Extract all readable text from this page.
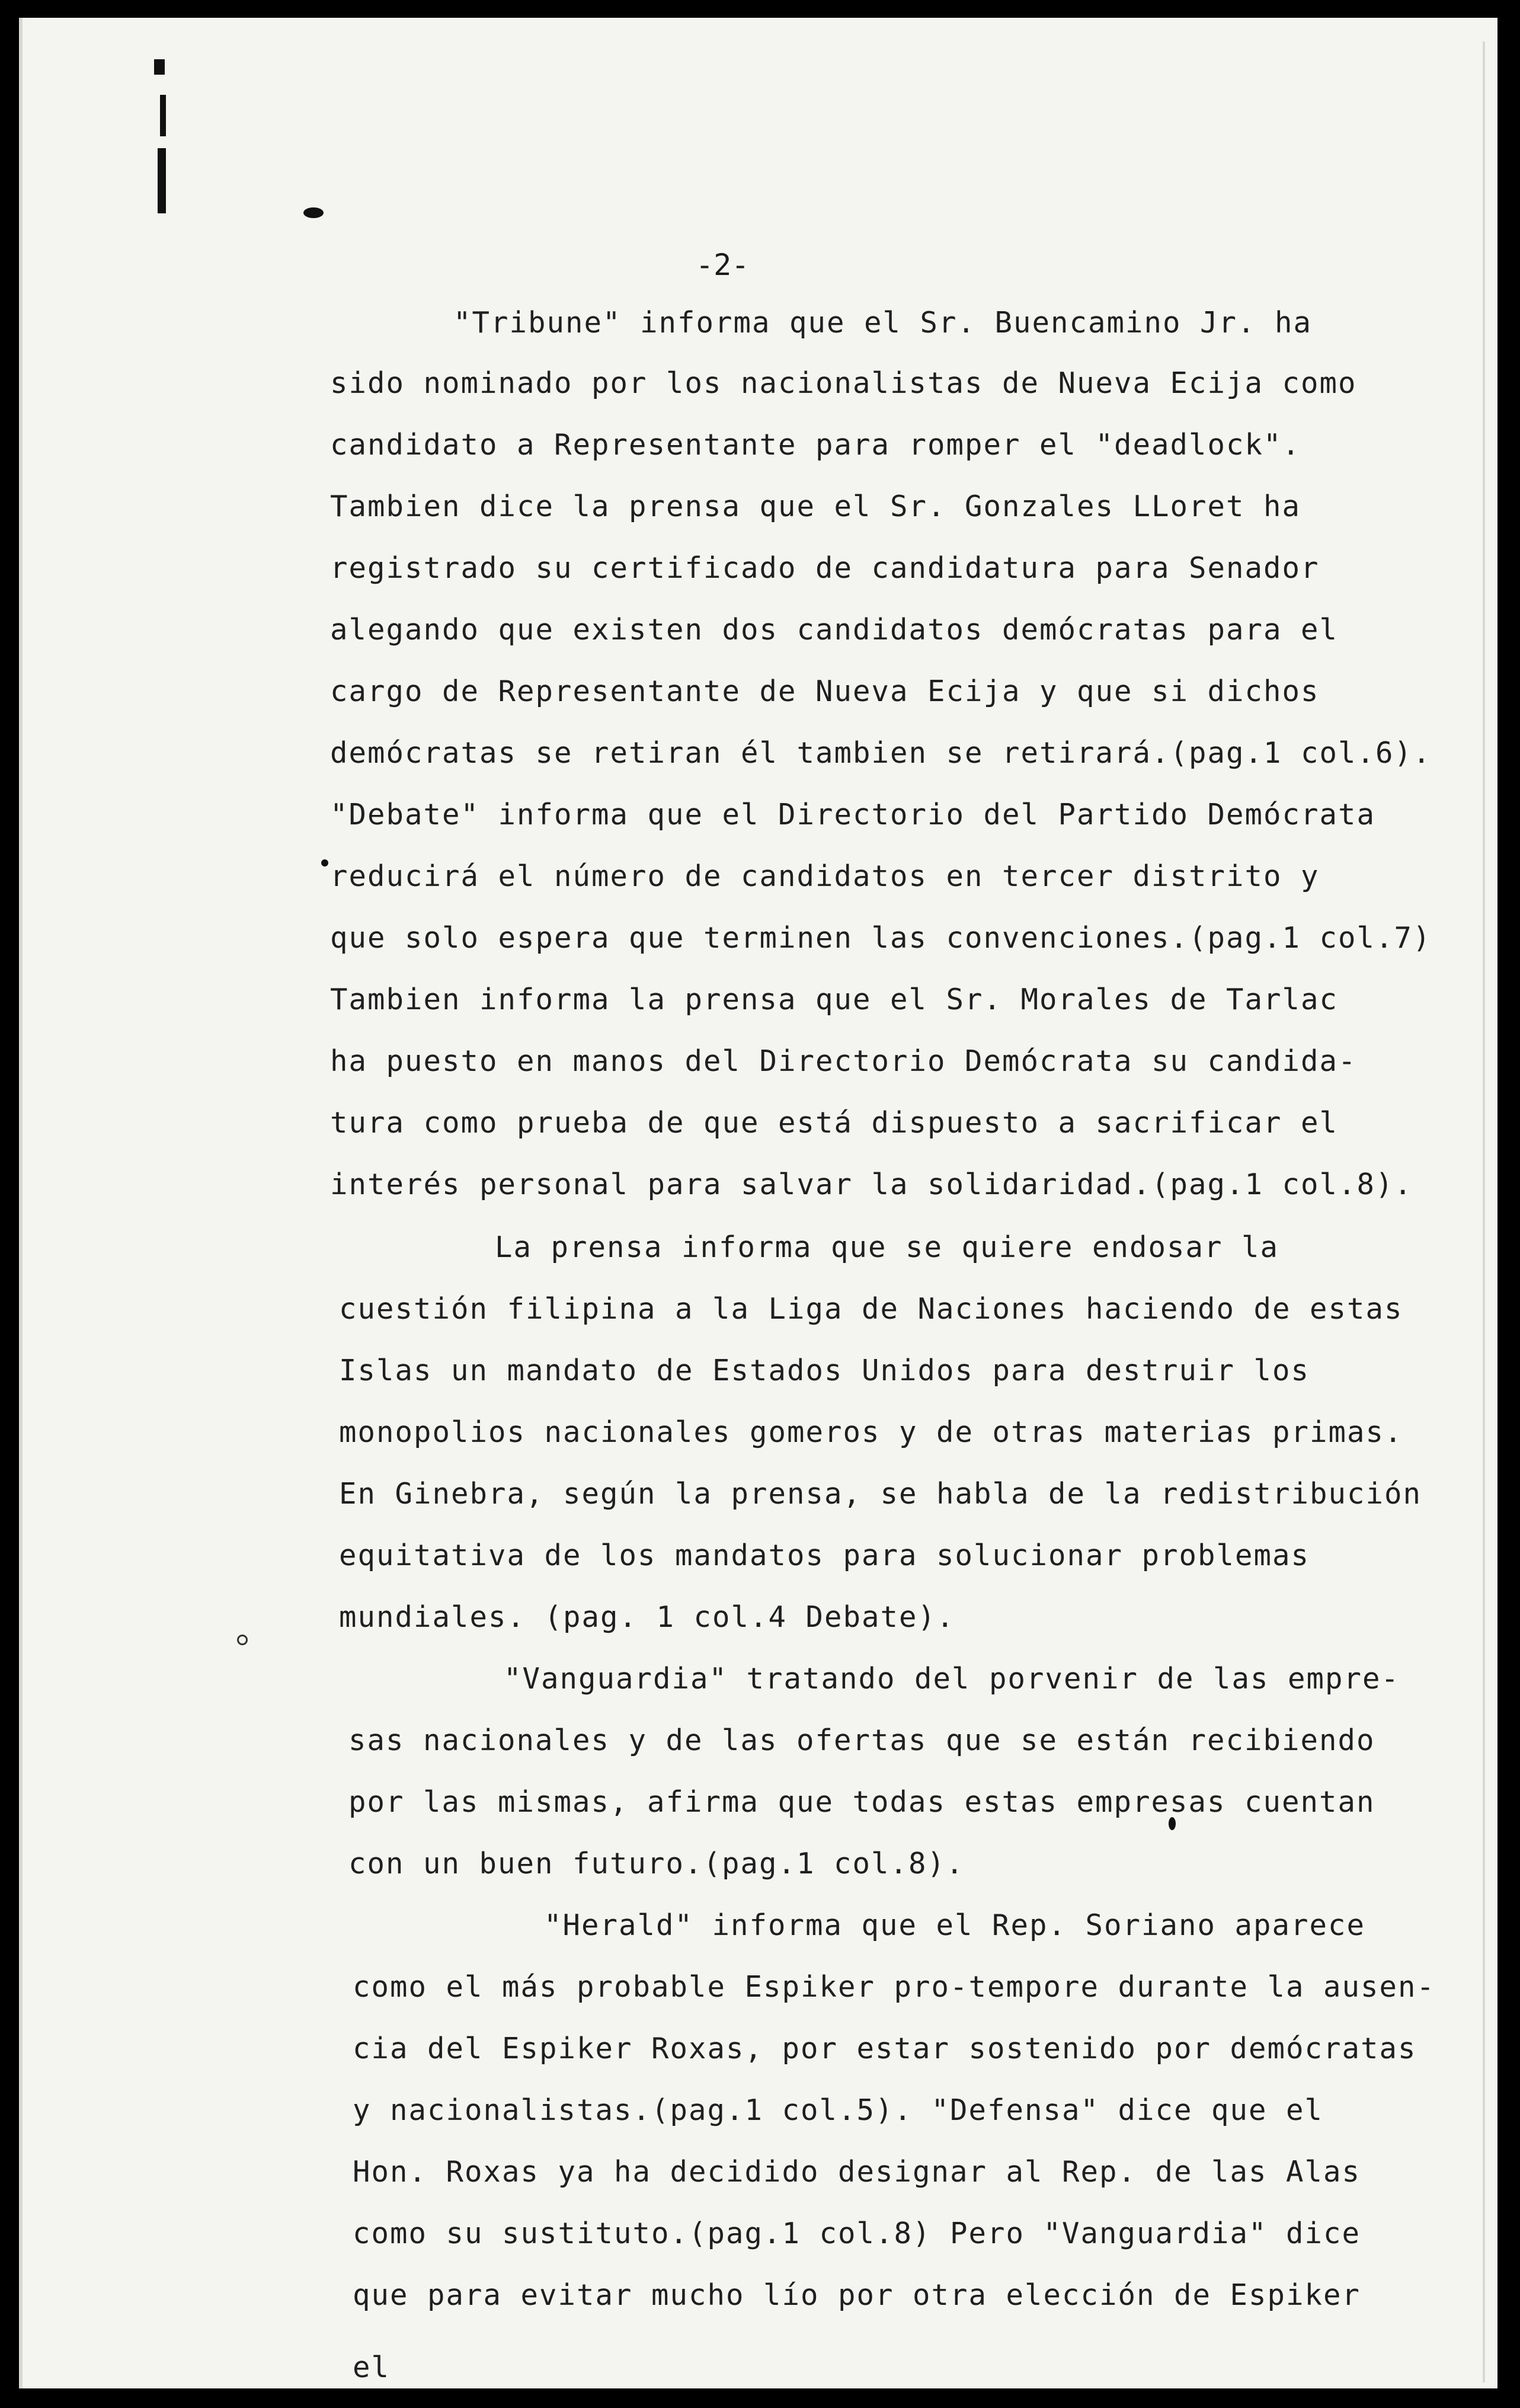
-2-
"Tribune" informa que el Sr. Buencamino Jr. ha
sido nominado por los nacionalistas de Nueva Ecija como
candidato a Representante para romper el "deadlock".
Tambien dice la prensa que el Sr. Gonzales LLoret ha
registrado su certificado de candidatura para Senador
alegando que existen dos candidatos demócratas para el
cargo de Representante de Nueva Ecija y que si dichos
demócratas se retiran él tambien se retirará.(pag.1 col.6).
"Debate" informa que el Directorio del Partido Demócrata
reducirá el número de candidatos en tercer distrito y
que solo espera que terminen las convenciones.(pag.1 col.7)
Tambien informa la prensa que el Sr. Morales de Tarlac
ha puesto en manos del Directorio Demócrata su candida-
tura como prueba de que está dispuesto a sacrificar el
interés personal para salvar la solidaridad.(pag.1 col.8).
La prensa informa que se quiere endosar la
cuestión filipina a la Liga de Naciones haciendo de estas
Islas un mandato de Estados Unidos para destruir los
monopolios nacionales gomeros y de otras materias primas.
En Ginebra, según la prensa, se habla de la redistribución
equitativa de los mandatos para solucionar problemas
mundiales. (pag. 1 col.4 Debate).
"Vanguardia" tratando del porvenir de las empre-
sas nacionales y de las ofertas que se están recibiendo
por las mismas, afirma que todas estas empresas cuentan
con un buen futuro.(pag.1 col.8).
"Herald" informa que el Rep. Soriano aparece
como el más probable Espiker pro-tempore durante la ausen-
cia del Espiker Roxas, por estar sostenido por demócratas
y nacionalistas.(pag.1 col.5). "Defensa" dice que el
Hon. Roxas ya ha decidido designar al Rep. de las Alas
como su sustituto.(pag.1 col.8) Pero "Vanguardia" dice
que para evitar mucho lío por otra elección de Espiker
el
